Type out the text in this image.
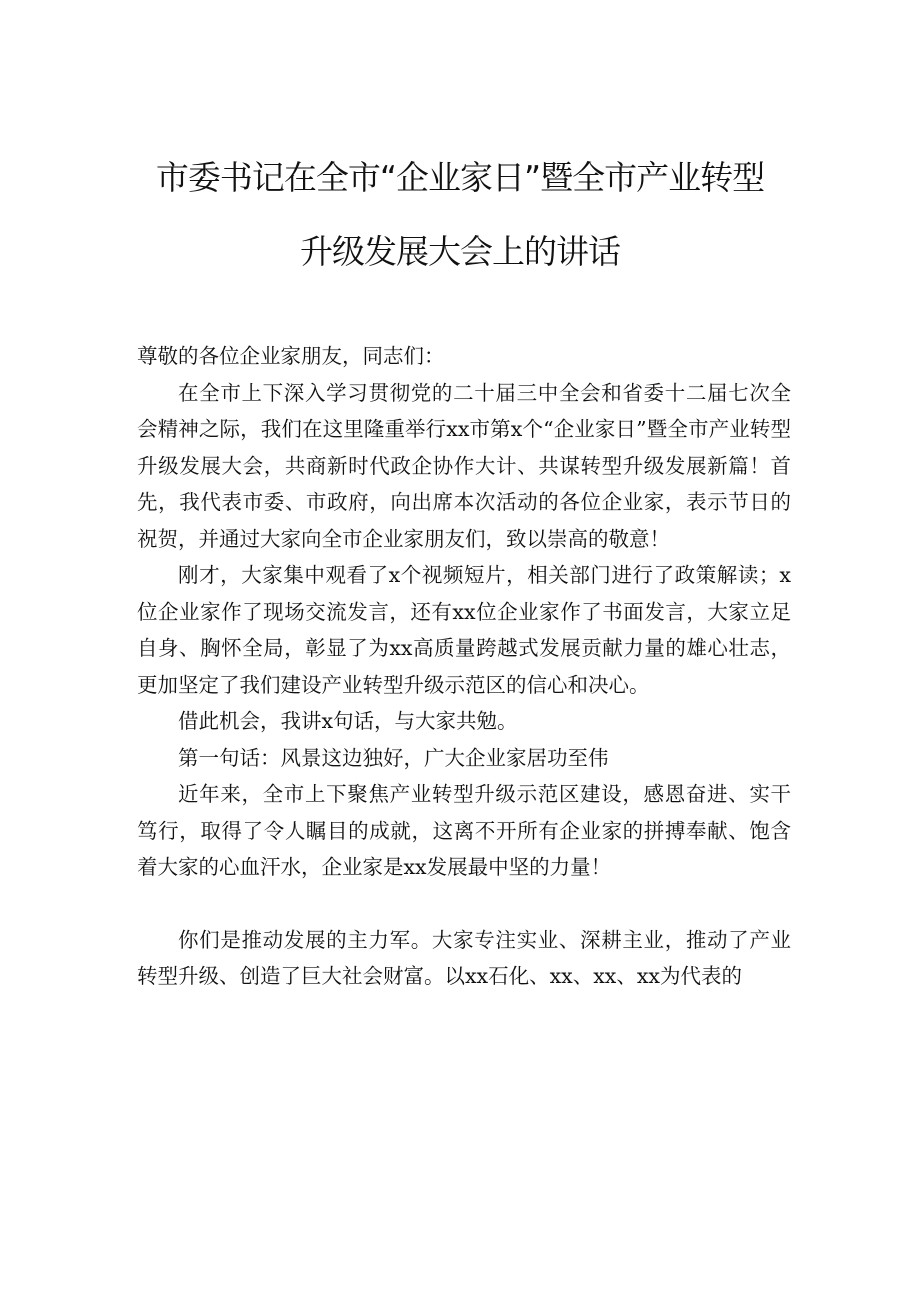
市委书记在全市“企业家日”暨全市产业转型
升级发展大会上的讲话

尊敬的各位企业家朋友，同志们：

在全市上下深入学习贯彻党的二十届三中全会和省委十二届七次全会精神之际，我们在这里隆重举行xx市第x个“企业家日”暨全市产业转型升级发展大会，共商新时代政企协作大计、共谋转型升级发展新篇！首先，我代表市委、市政府，向出席本次活动的各位企业家，表示节日的祝贺，并通过大家向全市企业家朋友们，致以崇高的敬意！

刚才，大家集中观看了x个视频短片，相关部门进行了政策解读；x位企业家作了现场交流发言，还有xx位企业家作了书面发言，大家立足自身、胸怀全局，彰显了为xx高质量跨越式发展贡献力量的雄心壮志，更加坚定了我们建设产业转型升级示范区的信心和决心。

借此机会，我讲x句话，与大家共勉。

第一句话：风景这边独好，广大企业家居功至伟

近年来，全市上下聚焦产业转型升级示范区建设，感恩奋进、实干笃行，取得了令人瞩目的成就，这离不开所有企业家的拼搏奉献、饱含着大家的心血汗水，企业家是xx发展最中坚的力量！

你们是推动发展的主力军。大家专注实业、深耕主业，推动了产业转型升级、创造了巨大社会财富。以xx石化、xx、xx、xx为代表的
